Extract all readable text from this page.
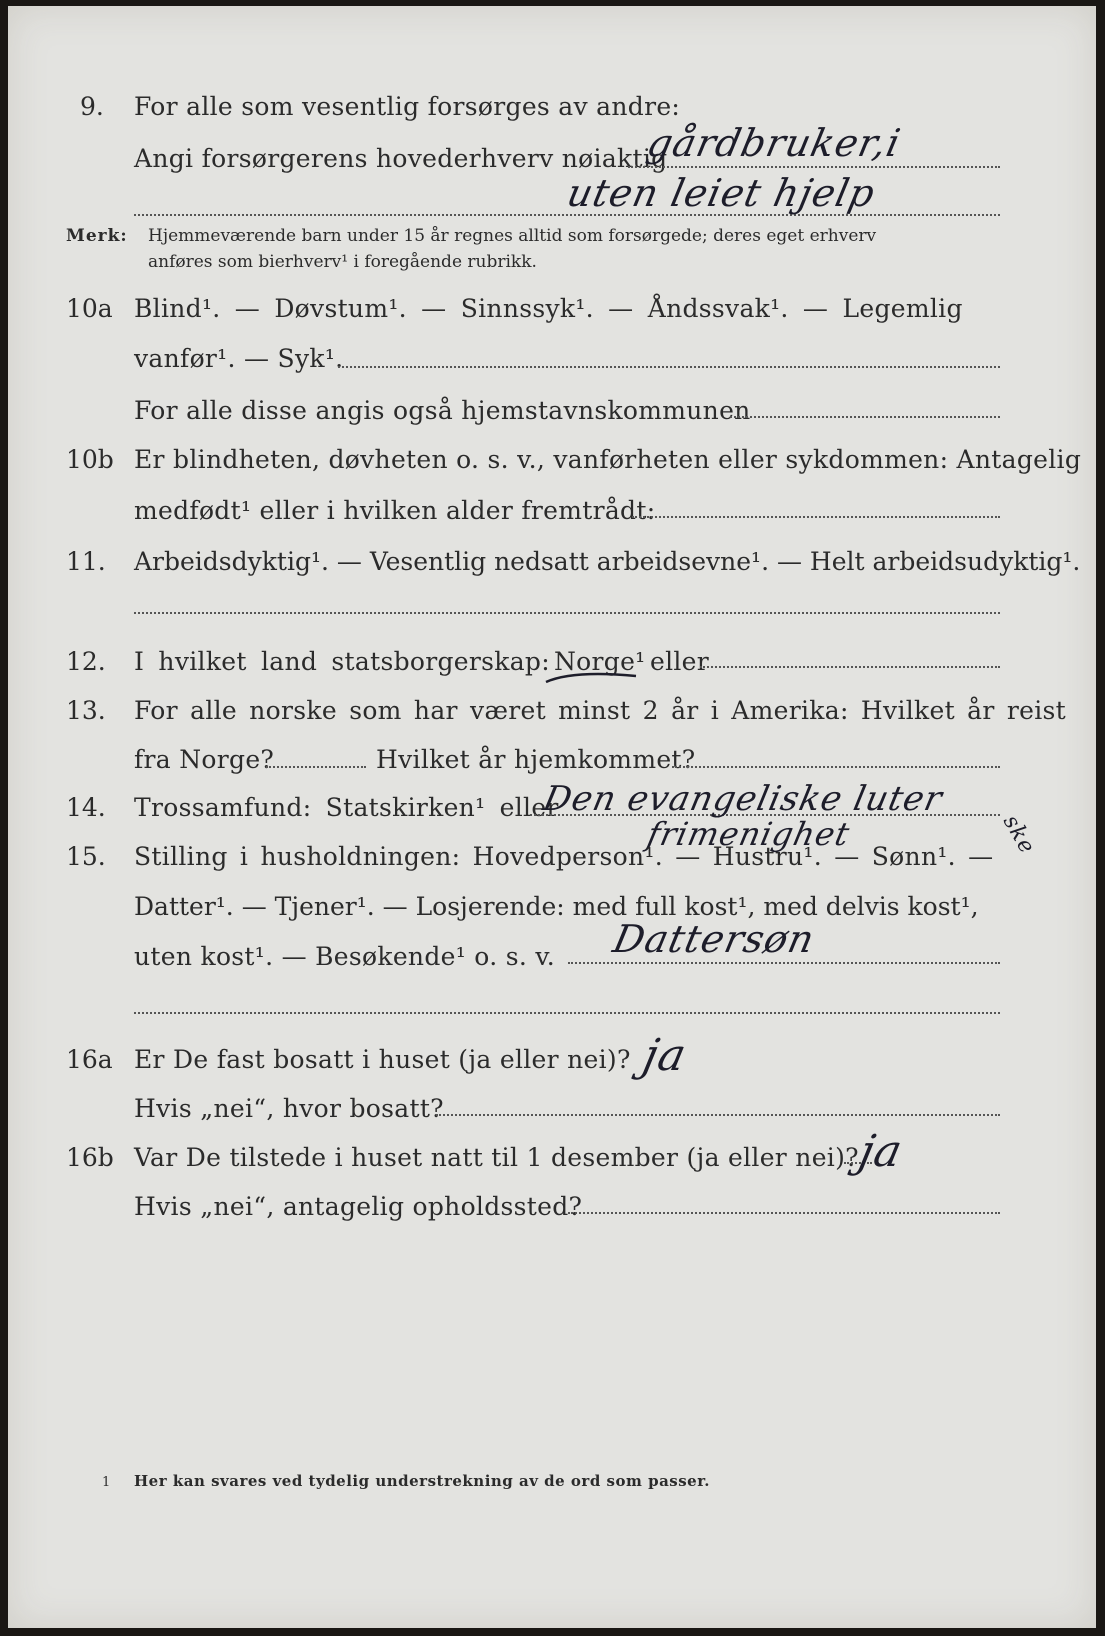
9. For alle som vesentlig forsørges av andre:
Angi forsørgerens hovederhverv nøiaktig
gårdbruker,i
uten leiet hjelp
Merk: Hjemmeværende barn under 15 år regnes alltid som forsørgede; deres eget erhverv
anføres som bierhverv¹ i foregående rubrikk.
10a Blind¹. — Døvstum¹. — Sinnssyk¹. — Åndssvak¹. — Legemlig
vanfør¹. — Syk¹.
For alle disse angis også hjemstavnskommunen
10b Er blindheten, døvheten o. s. v., vanførheten eller sykdommen: Antagelig
medfødt¹ eller i hvilken alder fremtrådt:
11. Arbeidsdyktig¹. — Vesentlig nedsatt arbeidsevne¹. — Helt arbeidsudyktig¹.
12. I hvilket land statsborgerskap: Norge¹ eller
13. For alle norske som har været minst 2 år i Amerika: Hvilket år reist
fra Norge?	Hvilket år hjemkommet?
14. Trossamfund: Statskirken¹ eller
Den evangeliske luter
frimenighet	ske
15. Stilling i husholdningen: Hovedperson¹. — Hustru¹. — Sønn¹. —
Datter¹. — Tjener¹. — Losjerende: med full kost¹, med delvis kost¹,
uten kost¹. — Besøkende¹ o. s. v. Dattersøn
16a Er De fast bosatt i huset (ja eller nei)? ja
Hvis „nei“, hvor bosatt?
16b Var De tilstede i huset natt til 1 desember (ja eller nei)?
ja
Hvis „nei“, antagelig opholdssted?
1 Her kan svares ved tydelig understrekning av de ord som passer.
